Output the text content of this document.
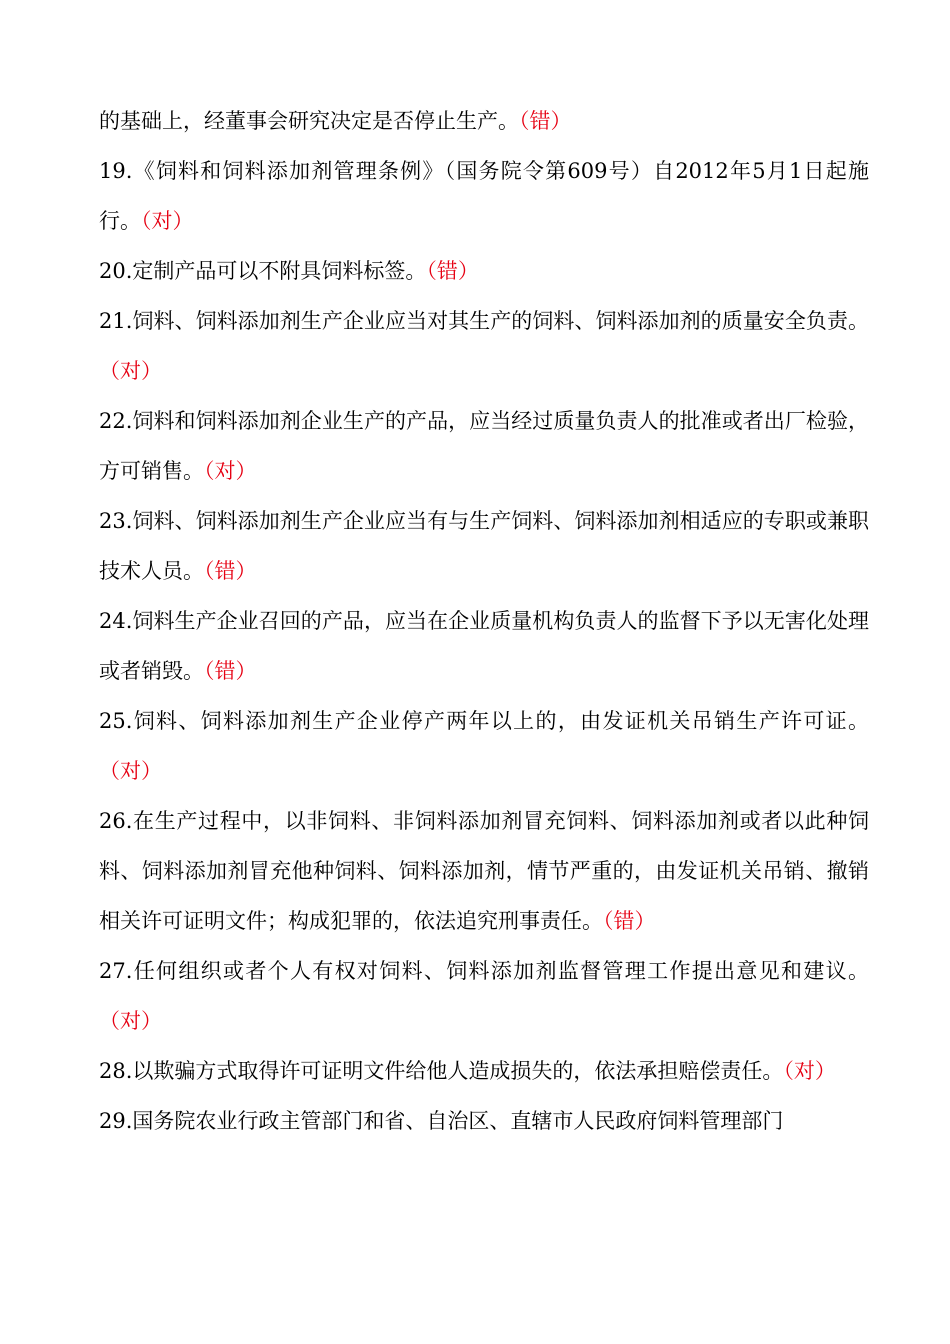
的基础上，经董事会研究决定是否停止生产。（错）

19.《饲料和饲料添加剂管理条例》（国务院令第609号）自2012年5月1日起施行。（对）

20.定制产品可以不附具饲料标签。（错）

21.饲料、饲料添加剂生产企业应当对其生产的饲料、饲料添加剂的质量安全负责。（对）

22.饲料和饲料添加剂企业生产的产品，应当经过质量负责人的批准或者出厂检验，方可销售。（对）

23.饲料、饲料添加剂生产企业应当有与生产饲料、饲料添加剂相适应的专职或兼职技术人员。（错）

24.饲料生产企业召回的产品，应当在企业质量机构负责人的监督下予以无害化处理或者销毁。（错）

25.饲料、饲料添加剂生产企业停产两年以上的，由发证机关吊销生产许可证。（对）

26.在生产过程中，以非饲料、非饲料添加剂冒充饲料、饲料添加剂或者以此种饲料、饲料添加剂冒充他种饲料、饲料添加剂，情节严重的，由发证机关吊销、撤销相关许可证明文件；构成犯罪的，依法追究刑事责任。（错）

27.任何组织或者个人有权对饲料、饲料添加剂监督管理工作提出意见和建议。（对）

28.以欺骗方式取得许可证明文件给他人造成损失的，依法承担赔偿责任。（对）

29.国务院农业行政主管部门和省、自治区、直辖市人民政府饲料管理部门
